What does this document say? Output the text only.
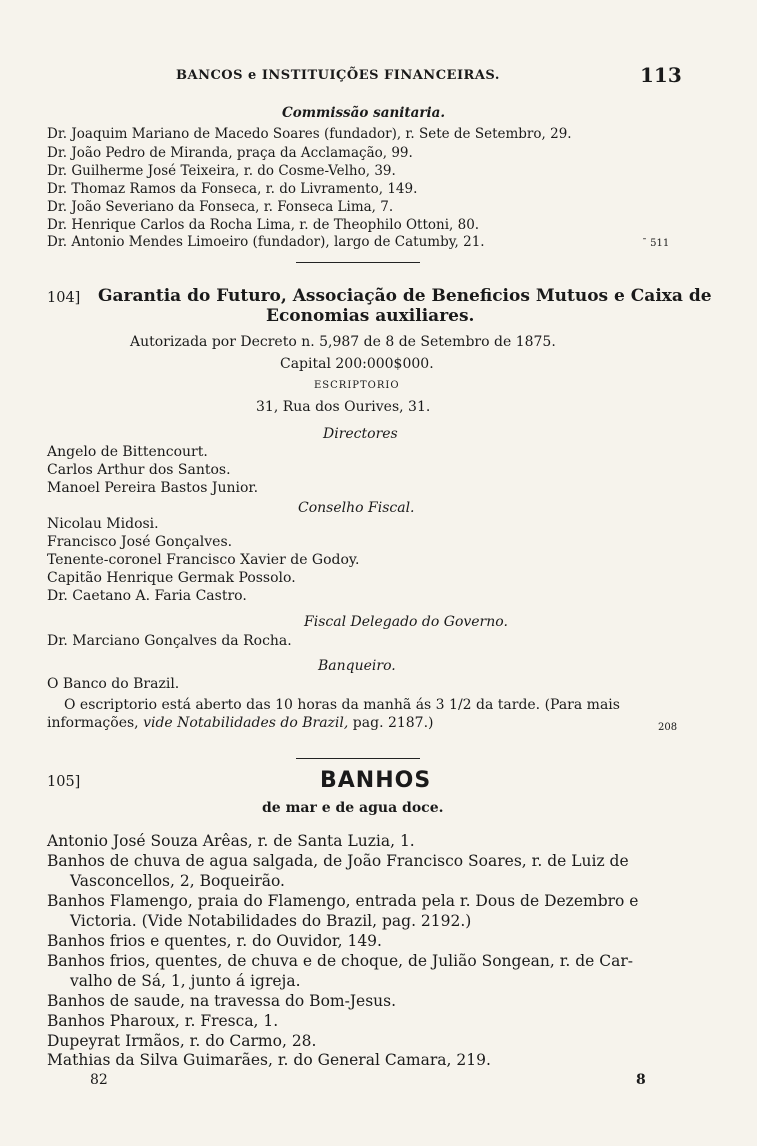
BANCOS e INSTITUIÇÕES FINANCEIRAS.	113
Commissão sanitaria.
Dr. Joaquim Mariano de Macedo Soares (fundador), r. Sete de Setembro, 29.
Dr. João Pedro de Miranda, praça da Acclamação, 99.
Dr. Guilherme José Teixeira, r. do Cosme-Velho, 39.
Dr. Thomaz Ramos da Fonseca, r. do Livramento, 149.
Dr. João Severiano da Fonseca, r. Fonseca Lima, 7.
Dr. Henrique Carlos da Rocha Lima, r. de Theophilo Ottoni, 80.
Dr. Antonio Mendes Limoeiro (fundador), largo de Catumby, 21.	¯ 511
104] Garantia do Futuro, Associação de Beneficios Mutuos e Caixa de
Economias auxiliares.
Autorizada por Decreto n. 5,987 de 8 de Setembro de 1875.
Capital 200:000$000.
ESCRIPTORIO
31, Rua dos Ourives, 31.
Directores
Angelo de Bittencourt.
Carlos Arthur dos Santos.
Manoel Pereira Bastos Junior.
Conselho Fiscal.
Nicolau Midosi.
Francisco José Gonçalves.
Tenente-coronel Francisco Xavier de Godoy.
Capitão Henrique Germak Possolo.
Dr. Caetano A. Faria Castro.
Fiscal Delegado do Governo.
Dr. Marciano Gonçalves da Rocha.
Banqueiro.
O Banco do Brazil.
O escriptorio está aberto das 10 horas da manhã ás 3 1/2 da tarde. (Para mais
informações, vide Notabilidades do Brazil, pag. 2187.)	208
105]	BANHOS
de mar e de agua doce.
Antonio José Souza Arêas, r. de Santa Luzia, 1.
Banhos de chuva de agua salgada, de João Francisco Soares, r. de Luiz de
Vasconcellos, 2, Boqueirão.
Banhos Flamengo, praia do Flamengo, entrada pela r. Dous de Dezembro e
Victoria. (Vide Notabilidades do Brazil, pag. 2192.)
Banhos frios e quentes, r. do Ouvidor, 149.
Banhos frios, quentes, de chuva e de choque, de Julião Songean, r. de Car-
valho de Sá, 1, junto á igreja.
Banhos de saude, na travessa do Bom-Jesus.
Banhos Pharoux, r. Fresca, 1.
Dupeyrat Irmãos, r. do Carmo, 28.
Mathias da Silva Guimarães, r. do General Camara, 219.
82	8
